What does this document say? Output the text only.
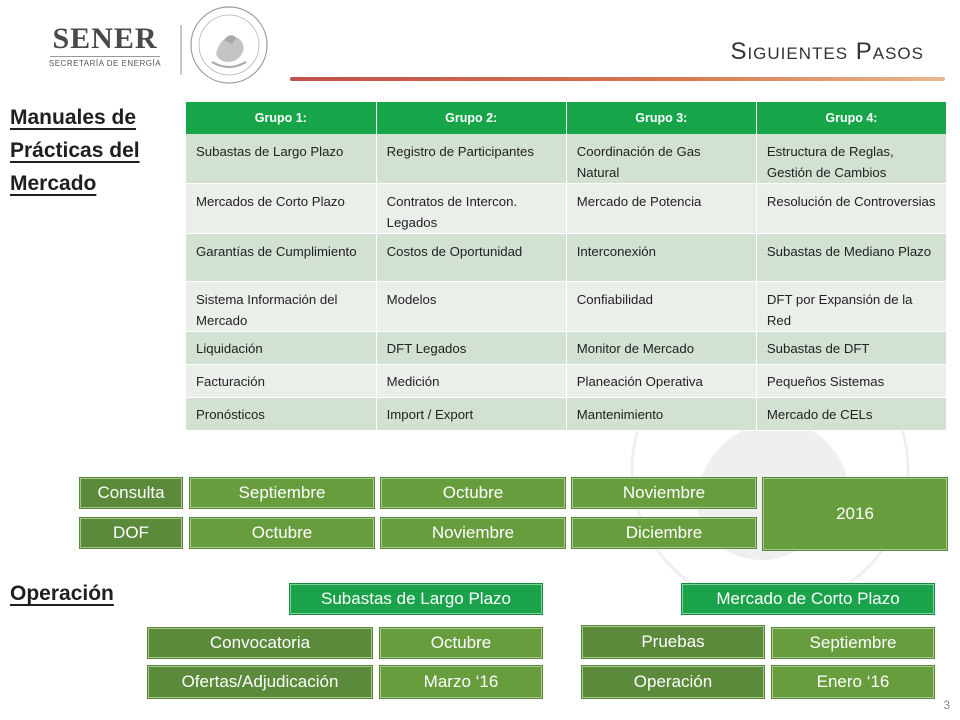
SENER
SECRETARÍA DE ENERGÍA	Siguientes Pasos
Manuales de Prácticas del Mercado
Grupo 1:	Grupo 2:	Grupo 3:	Grupo 4:
Subastas de Largo Plazo	Registro de Participantes	Coordinación de Gas Natural	Estructura de Reglas, Gestión de Cambios
Mercados de Corto Plazo	Contratos de Intercon. Legados	Mercado de Potencia	Resolución de Controversias
Garantías de Cumplimiento	Costos de Oportunidad	Interconexión	Subastas de Mediano Plazo
Sistema Información del Mercado	Modelos	Confiabilidad	DFT por Expansión de la Red
Liquidación	DFT Legados	Monitor de Mercado	Subastas de DFT
Facturación	Medición	Planeación Operativa	Pequeños Sistemas
Pronósticos	Import / Export	Mantenimiento	Mercado de CELs
Consulta	Septiembre	Octubre	Noviembre
DOF	Octubre	Noviembre	Diciembre
2016
Operación	Subastas de Largo Plazo	Mercado de Corto Plazo
Convocatoria	Octubre
Ofertas/Adjudicación	Marzo ‘16
Pruebas	Septiembre
Operación	Enero ‘16
3
